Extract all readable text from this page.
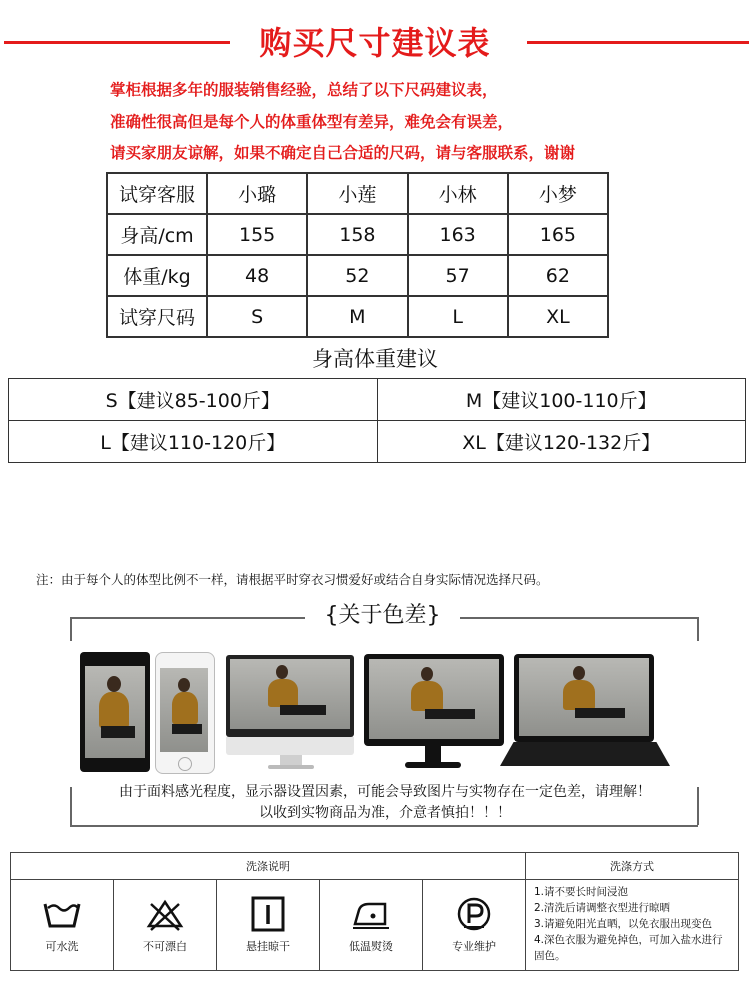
购买尺寸建议表
掌柜根据多年的服装销售经验，总结了以下尺码建议表，
准确性很高但是每个人的体重体型有差异，难免会有误差，
请买家朋友谅解，如果不确定自己合适的尺码，请与客服联系，谢谢
试穿客服	小璐	小莲	小林	小梦
身高/cm	155	158	163	165
体重/kg	48	52	57	62
试穿尺码	S	M	L	XL
身高体重建议
S【建议85-100斤】	M【建议100-110斤】
L【建议110-120斤】	XL【建议120-132斤】
注：由于每个人的体型比例不一样，请根据平时穿衣习惯爱好或结合自身实际情况选择尺码。
{关于色差}
由于面料感光程度，显示器设置因素，可能会导致图片与实物存在一定色差，请理解！
以收到实物商品为准，介意者慎拍！！！
洗涤说明					洗涤方式

可水洗	不可漂白	悬挂晾干	低温熨烫	专业维护	1.请不要长时间浸泡
2.清洗后请调整衣型进行晾晒
3.请避免阳光直晒，以免衣服出现变色
4.深色衣服为避免掉色，可加入盐水进行固色。
